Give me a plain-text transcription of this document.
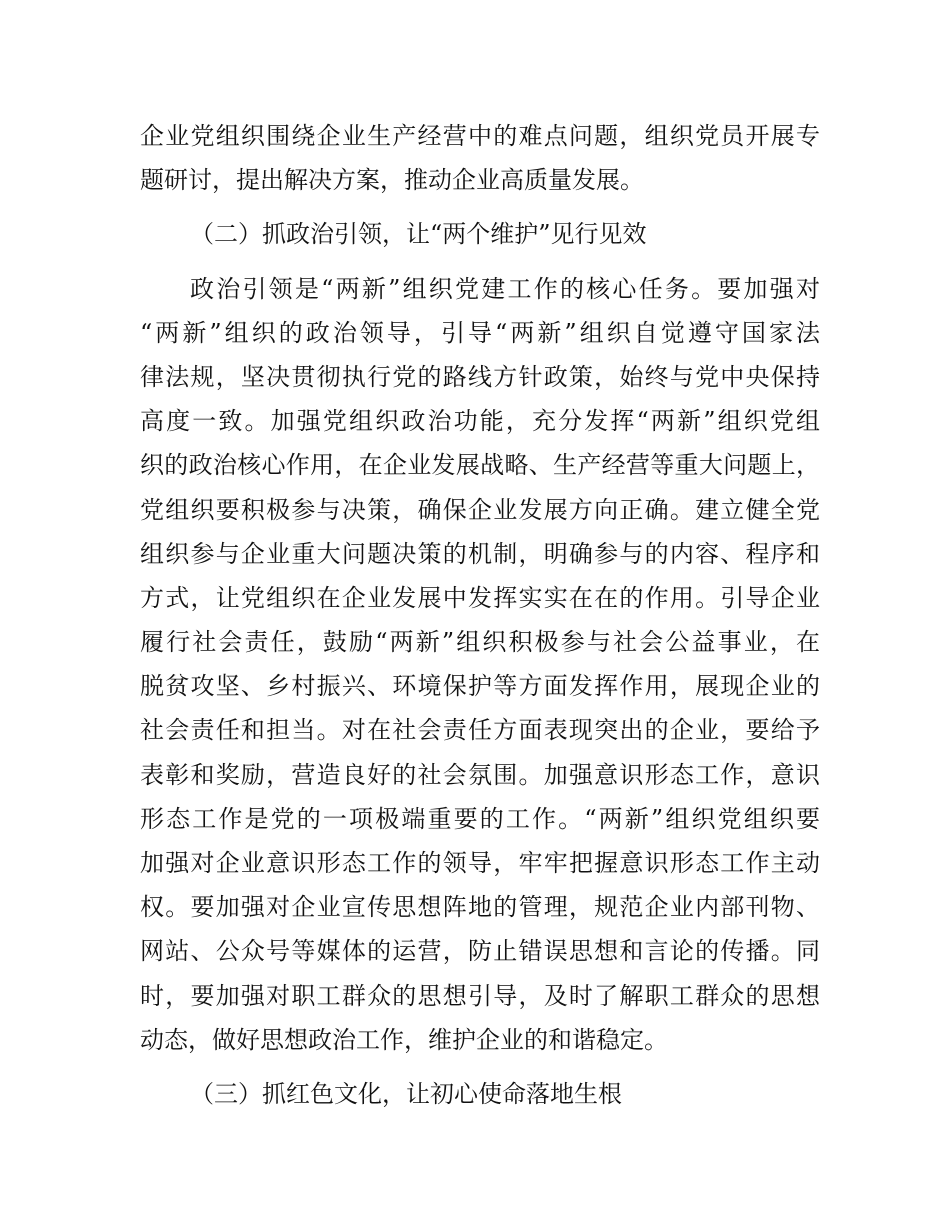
企业党组织围绕企业生产经营中的难点问题，组织党员开展专
题研讨，提出解决方案，推动企业高质量发展。
（二）抓政治引领，让“两个维护”见行见效
政治引领是“两新”组织党建工作的核心任务。要加强对
“两新”组织的政治领导，引导“两新”组织自觉遵守国家法
律法规，坚决贯彻执行党的路线方针政策，始终与党中央保持
高度一致。加强党组织政治功能，充分发挥“两新”组织党组
织的政治核心作用，在企业发展战略、生产经营等重大问题上，
党组织要积极参与决策，确保企业发展方向正确。建立健全党
组织参与企业重大问题决策的机制，明确参与的内容、程序和
方式，让党组织在企业发展中发挥实实在在的作用。引导企业
履行社会责任，鼓励“两新”组织积极参与社会公益事业，在
脱贫攻坚、乡村振兴、环境保护等方面发挥作用，展现企业的
社会责任和担当。对在社会责任方面表现突出的企业，要给予
表彰和奖励，营造良好的社会氛围。加强意识形态工作，意识
形态工作是党的一项极端重要的工作。“两新”组织党组织要
加强对企业意识形态工作的领导，牢牢把握意识形态工作主动
权。要加强对企业宣传思想阵地的管理，规范企业内部刊物、
网站、公众号等媒体的运营，防止错误思想和言论的传播。同
时，要加强对职工群众的思想引导，及时了解职工群众的思想
动态，做好思想政治工作，维护企业的和谐稳定。
（三）抓红色文化，让初心使命落地生根
